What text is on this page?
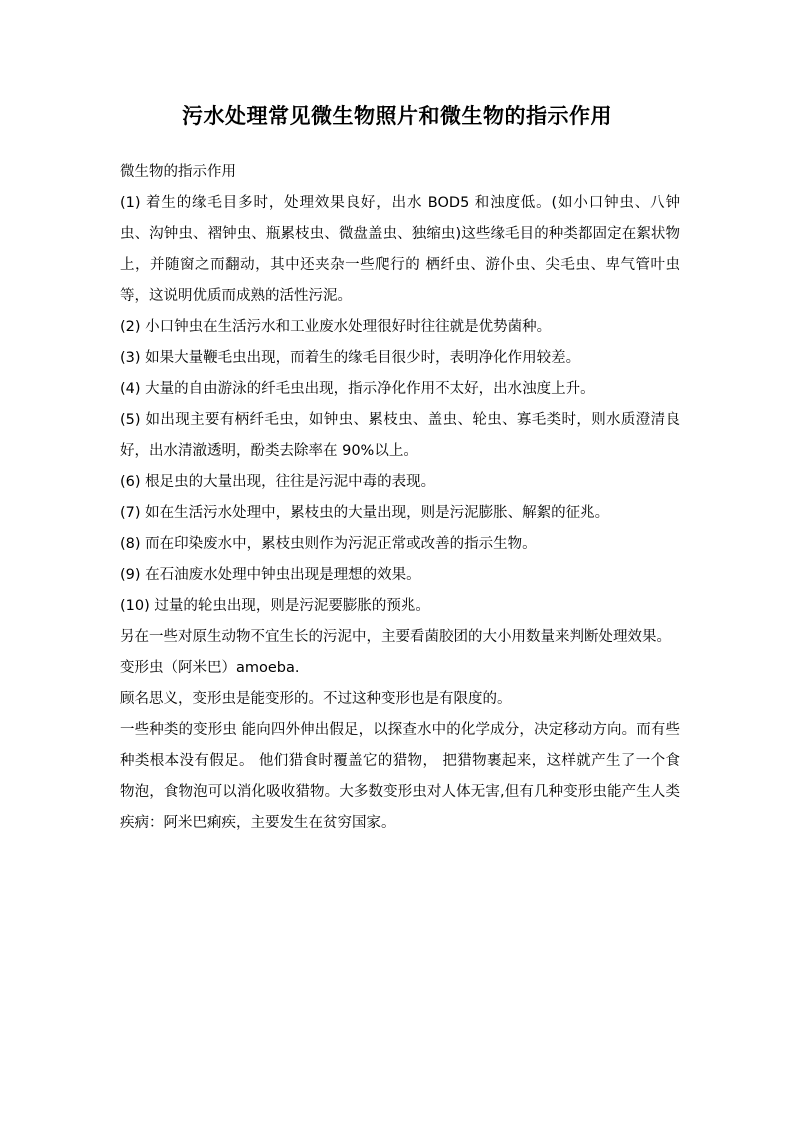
污水处理常见微生物照片和微生物的指示作用

微生物的指示作用

(1) 着生的缘毛目多时，处理效果良好，出水 BOD5 和浊度低。(如小口钟虫、八钟虫、沟钟虫、褶钟虫、瓶累枝虫、微盘盖虫、独缩虫)这些缘毛目的种类都固定在絮状物上，并随窗之而翻动，其中还夹杂一些爬行的 栖纤虫、游仆虫、尖毛虫、卑气管叶虫等，这说明优质而成熟的活性污泥。

(2) 小口钟虫在生活污水和工业废水处理很好时往往就是优势菌种。

(3) 如果大量鞭毛虫出现，而着生的缘毛目很少时，表明净化作用较差。

(4) 大量的自由游泳的纤毛虫出现，指示净化作用不太好，出水浊度上升。

(5) 如出现主要有柄纤毛虫，如钟虫、累枝虫、盖虫、轮虫、寡毛类时，则水质澄清良好，出水清澈透明，酚类去除率在 90%以上。

(6) 根足虫的大量出现，往往是污泥中毒的表现。

(7) 如在生活污水处理中，累枝虫的大量出现，则是污泥膨胀、解絮的征兆。

(8) 而在印染废水中，累枝虫则作为污泥正常或改善的指示生物。

(9) 在石油废水处理中钟虫出现是理想的效果。

(10) 过量的轮虫出现，则是污泥要膨胀的预兆。

另在一些对原生动物不宜生长的污泥中，主要看菌胶团的大小用数量来判断处理效果。

变形虫（阿米巴）amoeba.

顾名思义，变形虫是能变形的。不过这种变形也是有限度的。

一些种类的变形虫 能向四外伸出假足，以探查水中的化学成分，决定移动方向。而有些种类根本没有假足。 他们猎食时覆盖它的猎物， 把猎物裹起来，这样就产生了一个食物泡，食物泡可以消化吸收猎物。大多数变形虫对人体无害,但有几种变形虫能产生人类疾病：阿米巴痢疾，主要发生在贫穷国家。
